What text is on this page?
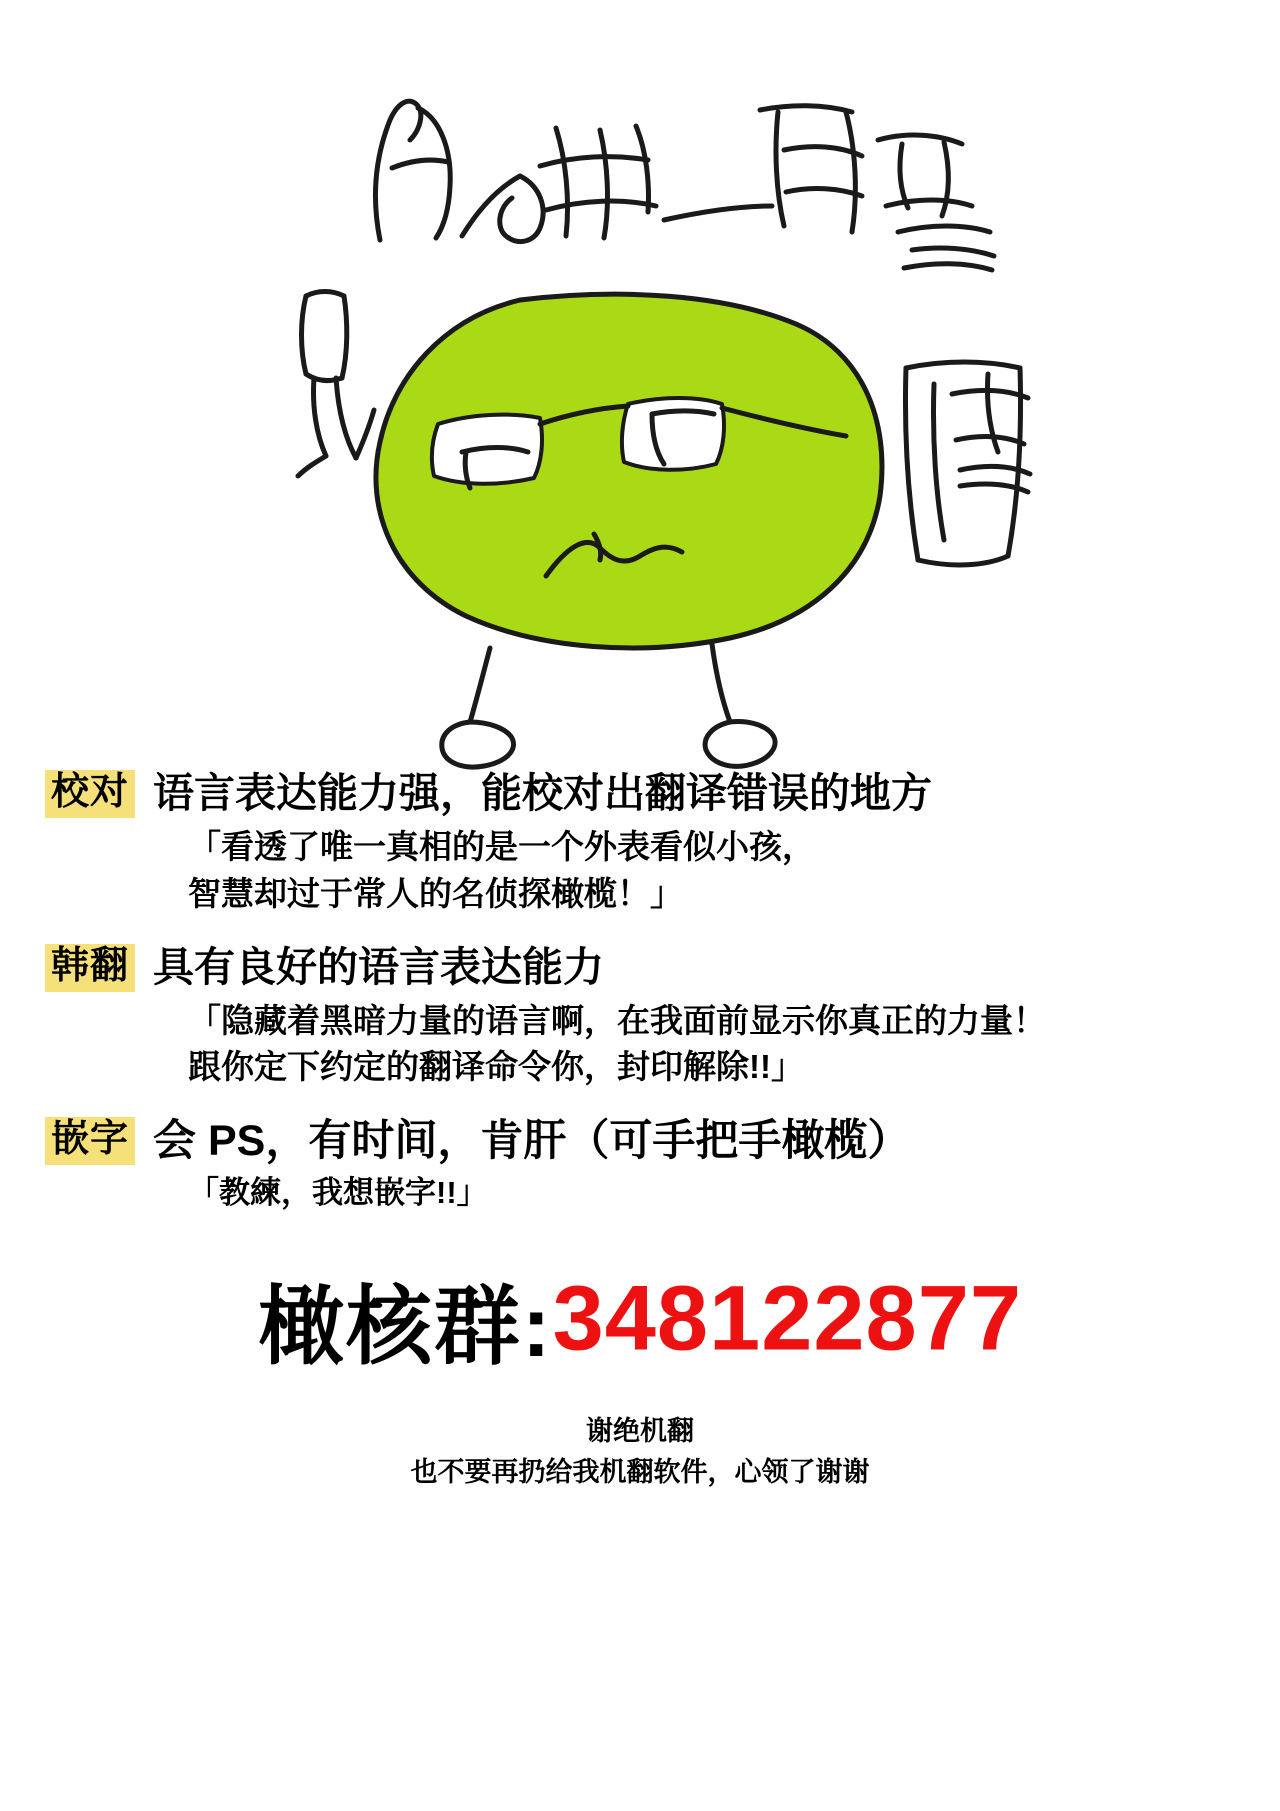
校对 语言表达能力强，能校对出翻译错误的地方
「看透了唯一真相的是一个外表看似小孩，
智慧却过于常人的名侦探橄榄！」
韩翻 具有良好的语言表达能力
「隐藏着黑暗力量的语言啊，在我面前显示你真正的力量！
跟你定下约定的翻译命令你，封印解除!!」
嵌字 会 PS，有时间，肯肝（可手把手橄榄）
「教練，我想嵌字!!」
橄核群:348122877
谢绝机翻
也不要再扔给我机翻软件，心领了谢谢
